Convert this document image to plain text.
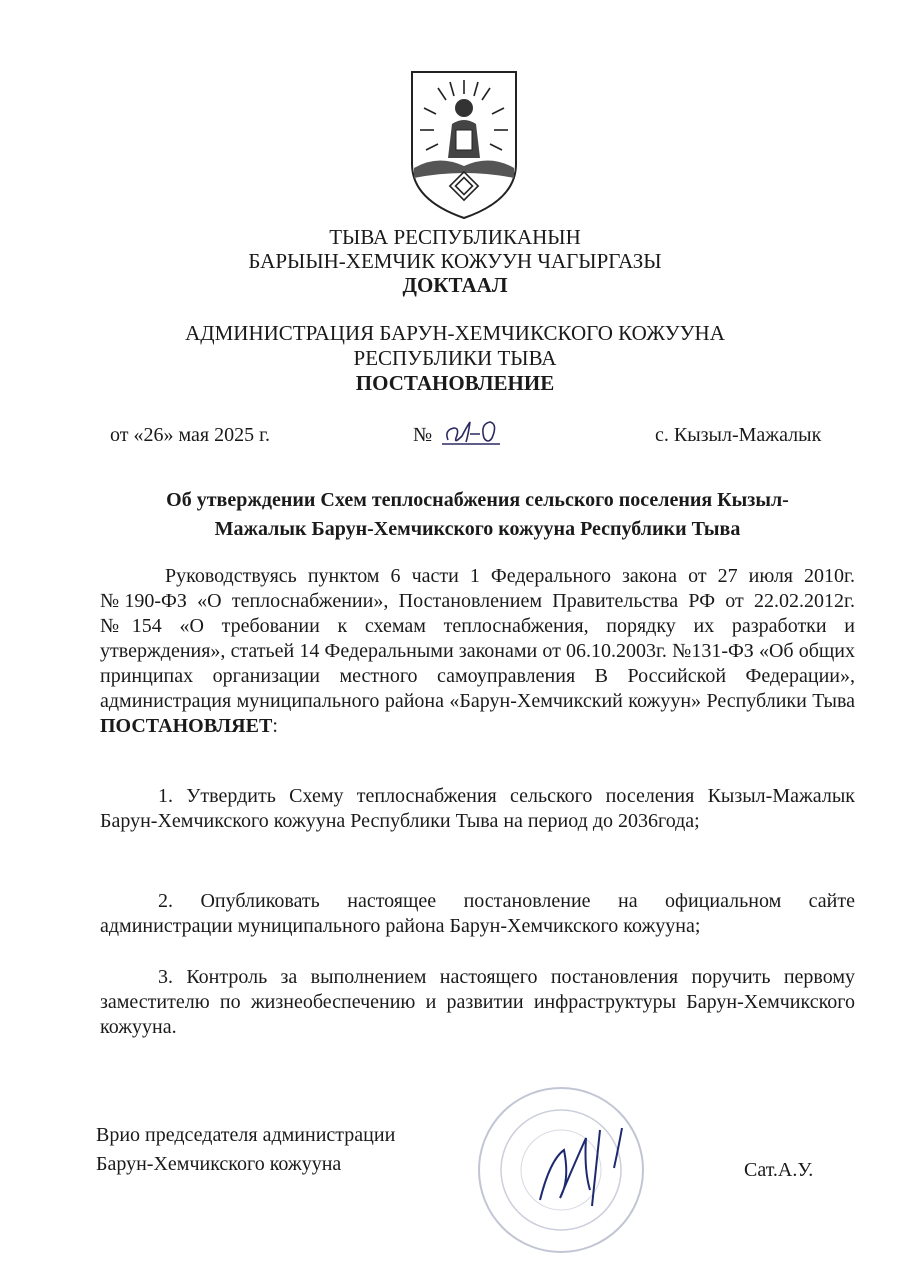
ТЫВА РЕСПУБЛИКАНЫН
БАРЫЫН-ХЕМЧИК КОЖУУН ЧАГЫРГАЗЫ
ДОКТААЛ
АДМИНИСТРАЦИЯ БАРУН-ХЕМЧИКСКОГО КОЖУУНА
РЕСПУБЛИКИ ТЫВА
ПОСТАНОВЛЕНИЕ
от «26» мая 2025 г.	№	с. Кызыл-Мажалык
Об утверждении Схем теплоснабжения сельского поселения Кызыл-
Мажалык Барун-Хемчикского кожууна Республики Тыва
Руководствуясь пунктом 6 части 1 Федерального закона от 27 июля 2010г. №190-ФЗ «О теплоснабжении», Постановлением Правительства РФ от 22.02.2012г. №154 «О требовании к схемам теплоснабжения, порядку их разработки и утверждения», статьей 14 Федеральными законами от 06.10.2003г. №131-ФЗ «Об общих принципах организации местного самоуправления В Российской Федерации», администрация муниципального района «Барун-Хемчикский кожуун» Республики Тыва ПОСТАНОВЛЯЕТ:
1. Утвердить Схему теплоснабжения сельского поселения Кызыл-Мажалык Барун-Хемчикского кожууна Республики Тыва на период до 2036года;
2. Опубликовать настоящее постановление на официальном сайте администрации муниципального района Барун-Хемчикского кожууна;
3. Контроль за выполнением настоящего постановления поручить первому заместителю по жизнеобеспечению и развитии инфраструктуры Барун-Хемчикского кожууна.
Врио председателя администрации
Барун-Хемчикского кожууна	Сат.А.У.
